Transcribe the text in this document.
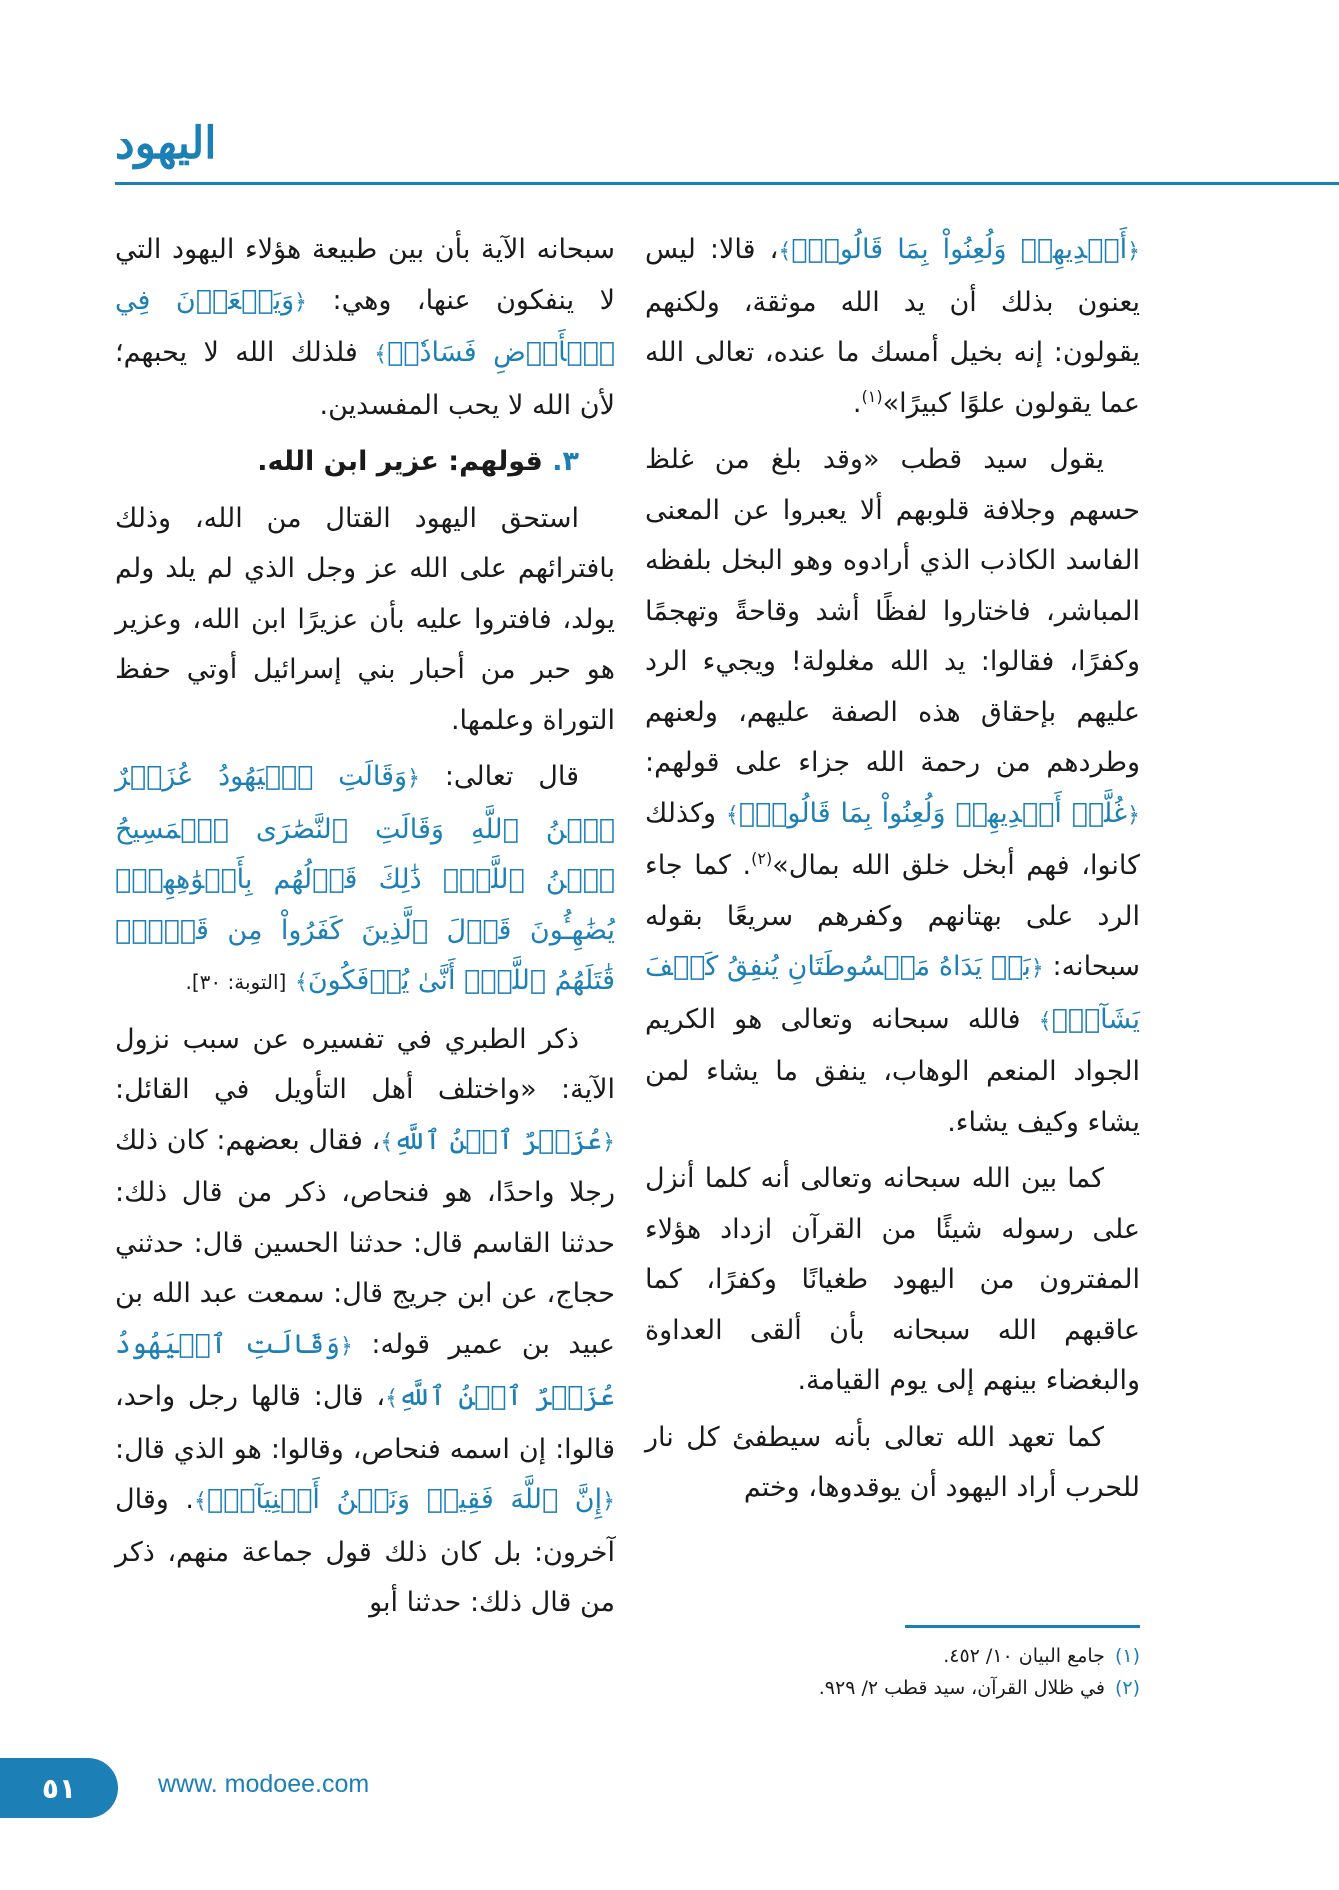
اليهود

﴿أَيۡدِيهِمۡ وَلُعِنُواْ بِمَا قَالُواْۘ﴾، قالا: ليس يعنون بذلك أن يد الله موثقة، ولكنهم يقولون: إنه بخيل أمسك ما عنده، تعالى الله عما يقولون علوًا كبيرًا»$^{(١)}$.

يقول سيد قطب «وقد بلغ من غلظ حسهم وجلافة قلوبهم ألا يعبروا عن المعنى الفاسد الكاذب الذي أرادوه وهو البخل بلفظه المباشر، فاختاروا لفظًا أشد وقاحةً وتهجمًا وكفرًا، فقالوا: يد الله مغلولة! ويجيء الرد عليهم بإحقاق هذه الصفة عليهم، ولعنهم وطردهم من رحمة الله جزاء على قولهم: ﴿غُلَّتۡ أَيۡدِيهِمۡ وَلُعِنُواْ بِمَا قَالُواْۘ﴾ وكذلك كانوا، فهم أبخل خلق الله بمال»$^{(٢)}$. كما جاء الرد على بهتانهم وكفرهم سريعًا بقوله سبحانه: ﴿بَلۡ يَدَاهُ مَبۡسُوطَتَانِ يُنفِقُ كَيۡفَ يَشَآءُۚ﴾ فالله سبحانه وتعالى هو الكريم الجواد المنعم الوهاب، ينفق ما يشاء لمن يشاء وكيف يشاء.

كما بين الله سبحانه وتعالى أنه كلما أنزل على رسوله شيئًا من القرآن ازداد هؤلاء المفترون من اليهود طغيانًا وكفرًا، كما عاقبهم الله سبحانه بأن ألقى العداوة والبغضاء بينهم إلى يوم القيامة.

كما تعهد الله تعالى بأنه سيطفئ كل نار للحرب أراد اليهود أن يوقدوها، وختم

سبحانه الآية بأن بين طبيعة هؤلاء اليهود التي لا ينفكون عنها، وهي: ﴿وَيَسۡعَوۡنَ فِي ٱلۡأَرۡضِ فَسَادٗاۚ﴾ فلذلك الله لا يحبهم؛ لأن الله لا يحب المفسدين.

٣. قولهم: عزير ابن الله.

استحق اليهود القتال من الله، وذلك بافترائهم على الله عز وجل الذي لم يلد ولم يولد، فافتروا عليه بأن عزيرًا ابن الله، وعزير هو حبر من أحبار بني إسرائيل أوتي حفظ التوراة وعلمها.

قال تعالى: ﴿وَقَالَتِ ٱلۡيَهُودُ عُزَيۡرٌ ٱبۡنُ ٱللَّهِ وَقَالَتِ ٱلنَّصَٰرَى ٱلۡمَسِيحُ ٱبۡنُ ٱللَّهِۖ ذَٰلِكَ قَوۡلُهُم بِأَفۡوَٰهِهِمۡۖ يُضَٰهِـُٔونَ قَوۡلَ ٱلَّذِينَ كَفَرُواْ مِن قَبۡلُۚ قَٰتَلَهُمُ ٱللَّهُۖ أَنَّىٰ يُؤۡفَكُونَ﴾ [التوبة: ٣٠].

ذكر الطبري في تفسيره عن سبب نزول الآية: «واختلف أهل التأويل في القائل: ﴿عُزَيۡرٌ ٱبۡنُ ٱللَّهِ﴾، فقال بعضهم: كان ذلك رجلا واحدًا، هو فنحاص، ذكر من قال ذلك: حدثنا القاسم قال: حدثنا الحسين قال: حدثني حجاج، عن ابن جريج قال: سمعت عبد الله بن عبيد بن عمير قوله: ﴿وَقَالَتِ ٱلۡيَهُودُ عُزَيۡرٌ ٱبۡنُ ٱللَّهِ﴾، قال: قالها رجل واحد، قالوا: إن اسمه فنحاص، وقالوا: هو الذي قال: ﴿إِنَّ ٱللَّهَ فَقِيرٞ وَنَحۡنُ أَغۡنِيَآءُۘ﴾. وقال آخرون: بل كان ذلك قول جماعة منهم، ذكر من قال ذلك: حدثنا أبو

(١)
جامع البيان ١٠/ ٤٥٢.
(٢)
في ظلال القرآن، سيد قطب ٢/ ٩٢٩.
٥١	www. modoee.com
